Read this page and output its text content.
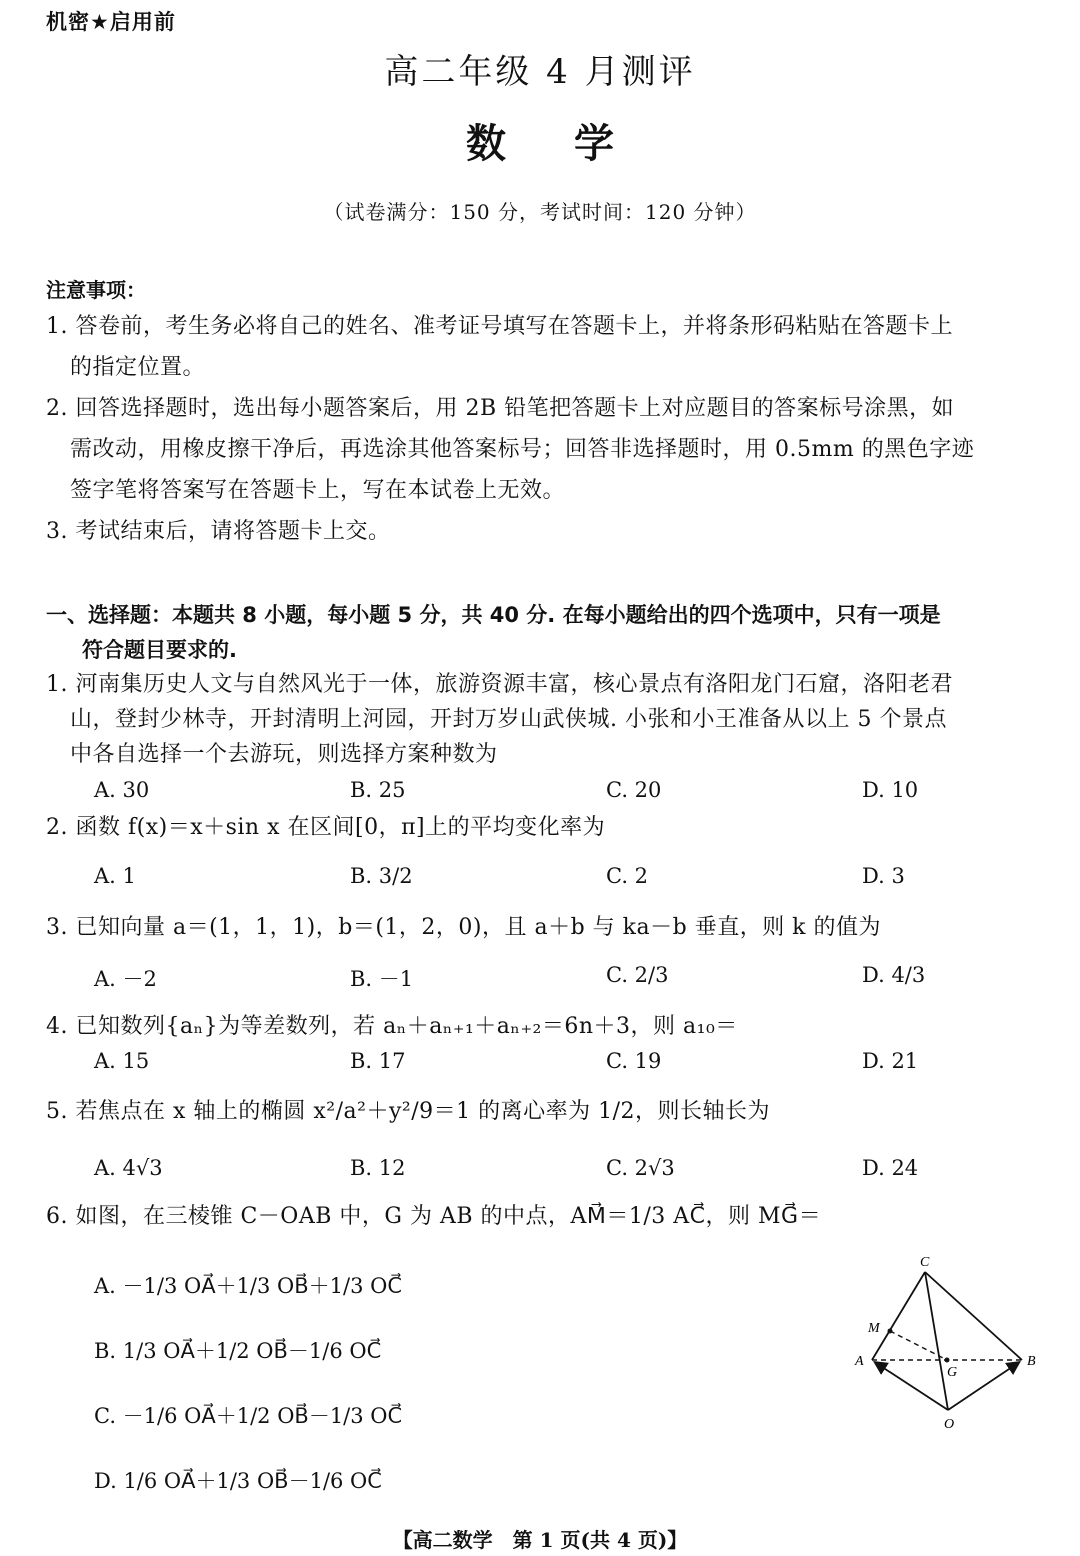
机密★启用前
高二年级 4 月测评
数学
（试卷满分：150 分，考试时间：120 分钟）
注意事项：
1. 答卷前，考生务必将自己的姓名、准考证号填写在答题卡上，并将条形码粘贴在答题卡上
的指定位置。
2. 回答选择题时，选出每小题答案后，用 2B 铅笔把答题卡上对应题目的答案标号涂黑，如
需改动，用橡皮擦干净后，再选涂其他答案标号；回答非选择题时，用 0.5mm 的黑色字迹
签字笔将答案写在答题卡上，写在本试卷上无效。
3. 考试结束后，请将答题卡上交。
一、选择题：本题共 8 小题，每小题 5 分，共 40 分. 在每小题给出的四个选项中，只有一项是
符合题目要求的.
1. 河南集历史人文与自然风光于一体，旅游资源丰富，核心景点有洛阳龙门石窟，洛阳老君
山，登封少林寺，开封清明上河园，开封万岁山武侠城. 小张和小王准备从以上 5 个景点
中各自选择一个去游玩，则选择方案种数为
A. 30	B. 25	C. 20	D. 10
2. 函数 f(x)＝x＋sin x 在区间[0，π]上的平均变化率为
A. 1	B. 3/2	C. 2	D. 3
3. 已知向量 a＝(1，1，1)，b＝(1，2，0)，且 a＋b 与 ka－b 垂直，则 k 的值为
A. －2	B. －1	C. 2/3	D. 4/3
4. 已知数列{aₙ}为等差数列，若 aₙ＋aₙ₊₁＋aₙ₊₂＝6n＋3，则 a₁₀＝
A. 15	B. 17	C. 19	D. 21
5. 若焦点在 x 轴上的椭圆 x²/a²＋y²/9＝1 的离心率为 1/2，则长轴长为
A. 4√3	B. 12	C. 2√3	D. 24
6. 如图，在三棱锥 C－OAB 中，G 为 AB 的中点，AM⃗＝1/3 AC⃗，则 MG⃗＝
A. －1/3 OA⃗＋1/3 OB⃗＋1/3 OC⃗
B. 1/3 OA⃗＋1/2 OB⃗－1/6 OC⃗
C. －1/6 OA⃗＋1/2 OB⃗－1/3 OC⃗
D. 1/6 OA⃗＋1/3 OB⃗－1/6 OC⃗
C
M
A
G
B
O
【高二数学　第 1 页(共 4 页)】
